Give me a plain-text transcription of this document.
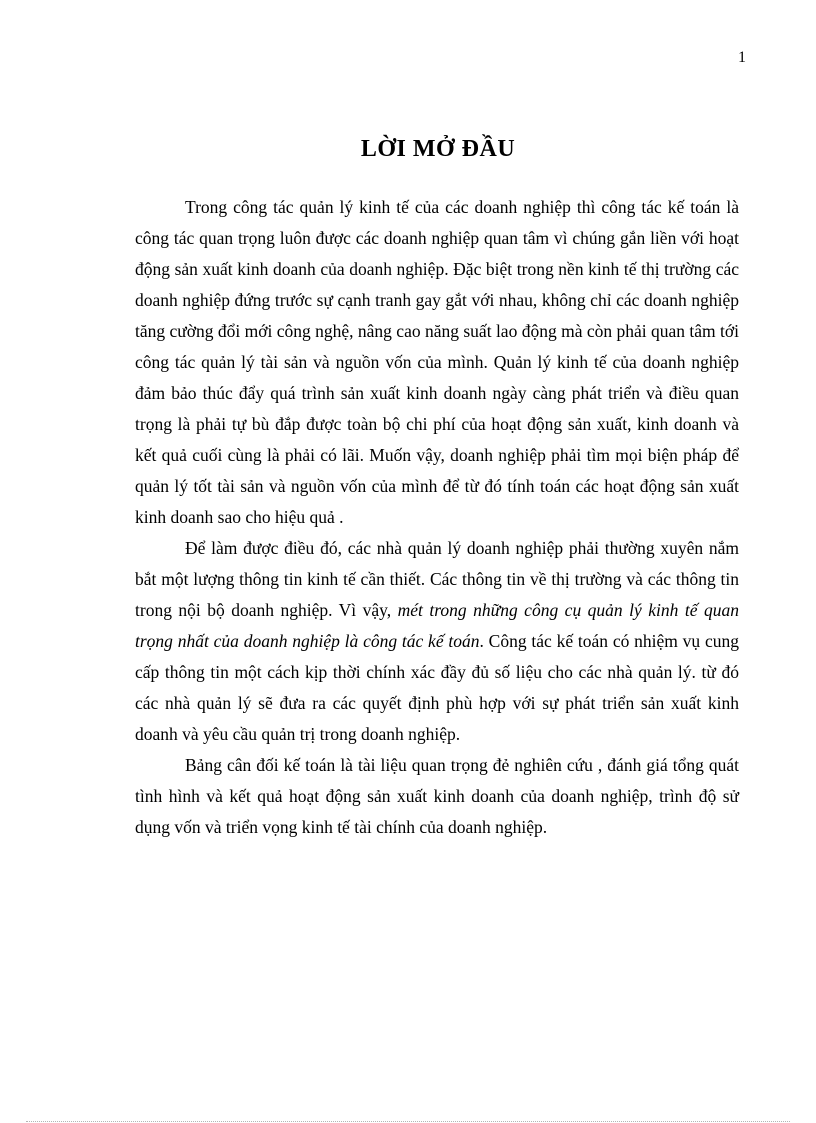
1
LỜI MỞ ĐẦU

Trong công tác quản lý kinh tế của các doanh nghiệp thì công tác kế toán là công tác quan trọng luôn được các doanh nghiệp quan tâm vì chúng gắn liền với hoạt động sản xuất kinh doanh của doanh nghiệp. Đặc biệt trong nền kinh tế thị trường các doanh nghiệp đứng trước sự cạnh tranh gay gắt với nhau, không chỉ các doanh nghiệp tăng cường đổi mới công nghệ, nâng cao năng suất lao động mà còn phải quan tâm tới công tác quản lý tài sản và nguồn vốn của mình. Quản lý kinh tế của doanh nghiệp đảm bảo thúc đẩy quá trình sản xuất kinh doanh ngày càng phát triển và điều quan trọng là phải tự bù đắp được toàn bộ chi phí của hoạt động sản xuất, kinh doanh và kết quả cuối cùng là phải có lãi. Muốn vậy, doanh nghiệp phải tìm mọi biện pháp để quản lý tốt tài sản và nguồn vốn của mình để từ đó tính toán các hoạt động sản xuất kinh doanh sao cho hiệu quả .

Để làm được điều đó, các nhà quản lý doanh nghiệp phải thường xuyên nắm bắt một lượng thông tin kinh tế cần thiết. Các thông tin về thị trường và các thông tin trong nội bộ doanh nghiệp. Vì vậy, mét trong những công cụ quản lý kinh tế quan trọng nhất của doanh nghiệp là công tác kế toán. Công tác kế toán có nhiệm vụ cung cấp thông tin một cách kịp thời chính xác đầy đủ số liệu cho các nhà quản lý. từ đó các nhà quản lý sẽ đưa ra các quyết định phù hợp với sự phát triển sản xuất kinh doanh và yêu cầu quản trị trong doanh nghiệp.

Bảng cân đối kế toán là tài liệu quan trọng đẻ nghiên cứu , đánh giá tổng quát tình hình và kết quả hoạt động sản xuất kinh doanh của doanh nghiệp, trình độ sử dụng vốn và triển vọng kinh tế tài chính của doanh nghiệp.
